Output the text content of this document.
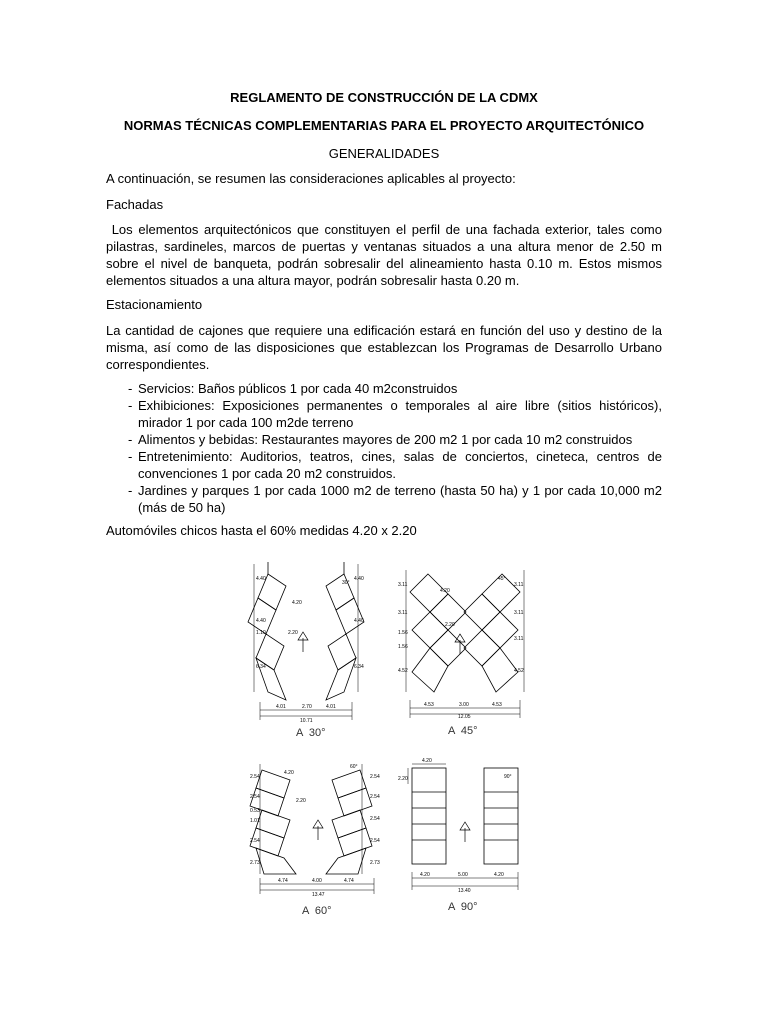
REGLAMENTO DE CONSTRUCCIÓN DE LA CDMX
NORMAS TÉCNICAS COMPLEMENTARIAS PARA EL PROYECTO ARQUITECTÓNICO
GENERALIDADES
A continuación, se resumen las consideraciones aplicables al proyecto:
Fachadas
Los elementos arquitectónicos que constituyen el perfil de una fachada exterior, tales como pilastras, sardineles, marcos de puertas y ventanas situados a una altura menor de 2.50 m sobre el nivel de banqueta, podrán sobresalir del alineamiento hasta 0.10 m. Estos mismos elementos situados a una altura mayor, podrán sobresalir hasta 0.20 m.
Estacionamiento
La cantidad de cajones que requiere una edificación estará en función del uso y destino de la misma, así como de las disposiciones que establezcan los Programas de Desarrollo Urbano correspondientes.
- Servicios: Baños públicos 1 por cada 40 m2construidos
- Exhibiciones: Exposiciones permanentes o temporales al aire libre (sitios históricos), mirador 1 por cada 100 m2de terreno
- Alimentos y bebidas: Restaurantes mayores de 200 m2 1 por cada 10 m2 construidos
- Entretenimiento: Auditorios, teatros, cines, salas de conciertos, cineteca, centros de convenciones 1 por cada 20 m2 construidos.
- Jardines y parques 1 por cada 1000 m2 de terreno (hasta 50 ha) y 1 por cada 10,000 m2 (más de 50 ha)
Automóviles chicos hasta el 60% medidas 4.20 x 2.20
4.40
4.40
1.10
6.34
4.20
2.20
30°
4.40
4.40
6.34
4.01	2.70	4.01
10.71
3.11
3.11
1.56
1.56
4.52
4.20
2.20
45°
3.11
3.11
3.11
4.52
4.53	3.00	4.53
12.05
2.54
2.54
0.53
1.01
2.54
2.73
4.20
2.20
60°
2.54
2.54
2.54
2.54
2.73
4.74	4.00	4.74
13.47
4.20
2.20	90°
4.20	5.00	4.20
13.40
A  30°	A  45°
A  60°	A  90°
